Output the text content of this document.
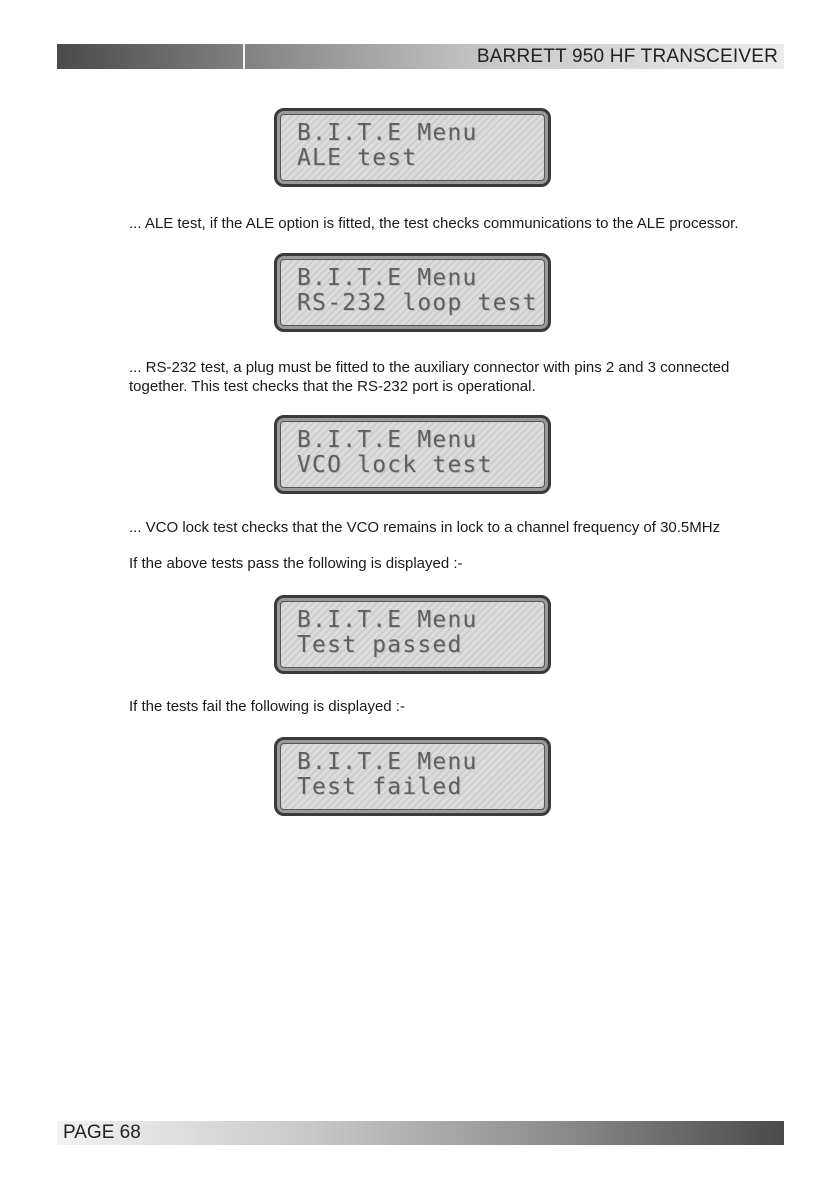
BARRETT 950 HF TRANSCEIVER
B.I.T.E Menu
ALE test
... ALE test, if the ALE option is fitted, the test checks communications to the ALE processor.
B.I.T.E Menu
RS-232 loop test
... RS-232 test, a plug must be fitted to the auxiliary connector with pins 2 and 3 connected together. This test checks that the RS-232 port is operational.
B.I.T.E Menu
VCO lock test
... VCO lock test checks that the VCO remains in lock to a channel frequency of 30.5MHz
If the above tests pass the following is displayed :-
B.I.T.E Menu
Test passed
If the tests fail the following is displayed :-
B.I.T.E Menu
Test failed
PAGE 68
